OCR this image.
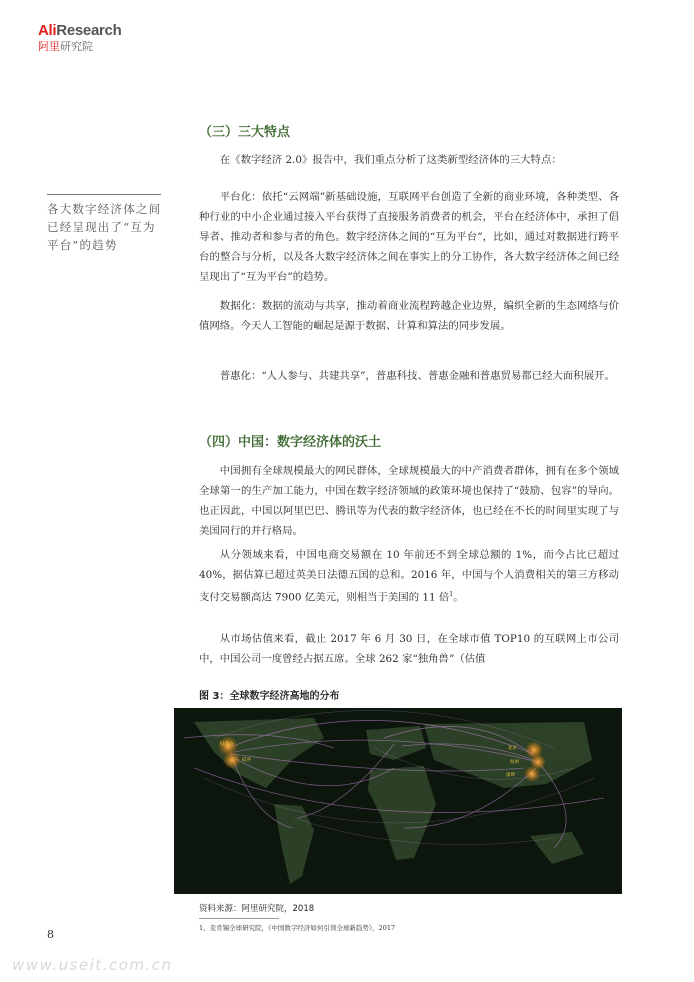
AliResearch
阿里研究院
（三）三大特点

在《数字经济 2.0》报告中，我们重点分析了这类新型经济体的三大特点：

平台化：依托“云网端”新基础设施，互联网平台创造了全新的商业环境，各种类型、各种行业的中小企业通过接入平台获得了直接服务消费者的机会，平台在经济体中，承担了倡导者、推动者和参与者的角色。数字经济体之间的“互为平台”，比如，通过对数据进行跨平台的整合与分析，以及各大数字经济体之间在事实上的分工协作，各大数字经济体之间已经呈现出了“互为平台”的趋势。

数据化：数据的流动与共享，推动着商业流程跨越企业边界，编织全新的生态网络与价值网络。今天人工智能的崛起是源于数据、计算和算法的同步发展。

普惠化：“人人参与、共建共享”，普惠科技、普惠金融和普惠贸易都已经大面积展开。

各大数字经济体之间已经呈现出了“互为平台”的趋势
（四）中国：数字经济体的沃土

中国拥有全球规模最大的网民群体，全球规模最大的中产消费者群体，拥有在多个领域全球第一的生产加工能力，中国在数字经济领域的政策环境也保持了“鼓励、包容”的导向。也正因此，中国以阿里巴巴、腾讯等为代表的数字经济体，也已经在不长的时间里实现了与美国同行的并行格局。

从分领域来看，中国电商交易额在 10 年前还不到全球总额的 1%，而今占比已超过 40%，据估算已超过英美日法德五国的总和。2016 年，中国与个人消费相关的第三方移动支付交易额高达 7900 亿美元，则相当于美国的 11 倍$^1$。

从市场估值来看，截止 2017 年 6 月 30 日，在全球市值 TOP10 的互联网上市公司中，中国公司一度曾经占据五席。全球 262 家“独角兽”（估值

图 3：全球数字经济高地的分布
旧金山
硅谷
北京
杭州
深圳
资料来源：阿里研究院，2018
1、麦肯锡全球研究院，《中国数字经济如何引领全球新趋势》，2017
8
www.useit.com.cn
